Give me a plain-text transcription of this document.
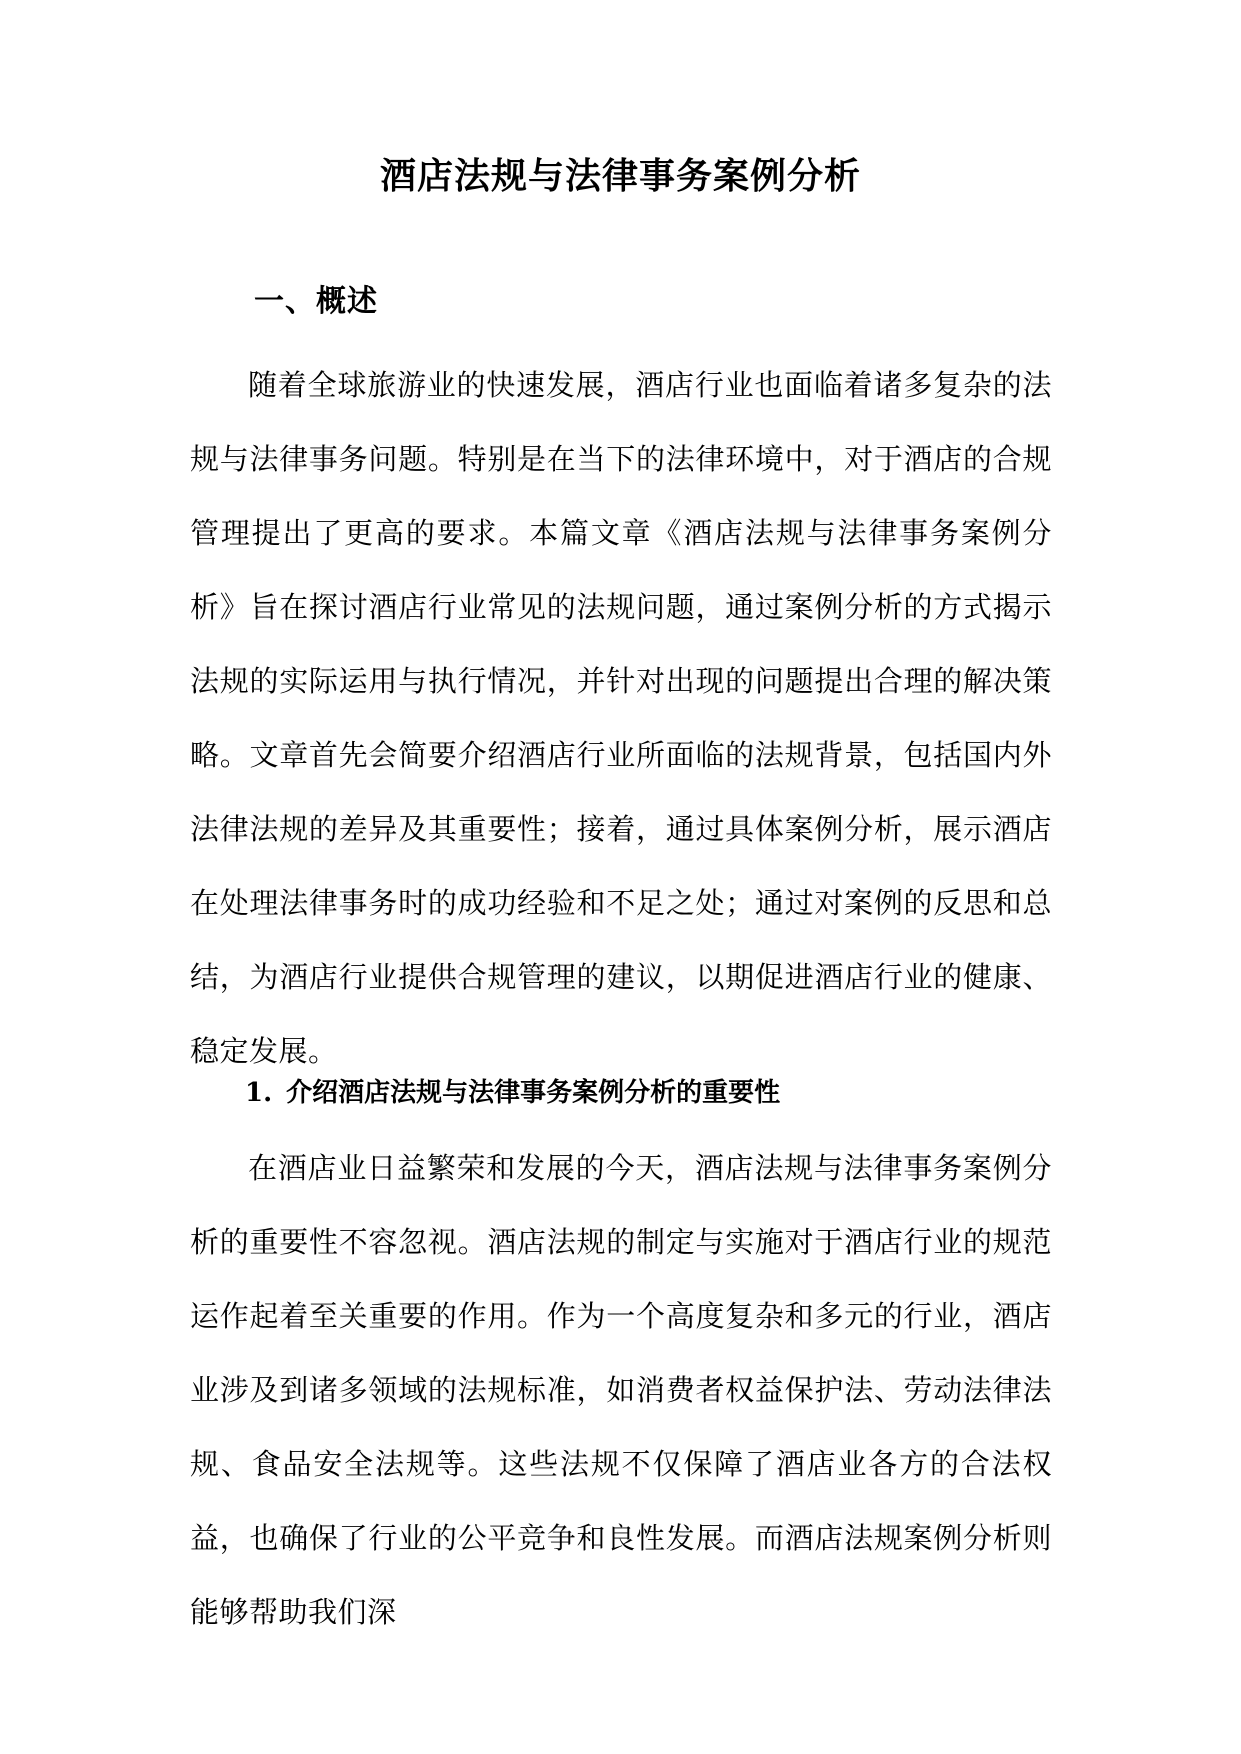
酒店法规与法律事务案例分析
一、概述

随着全球旅游业的快速发展，酒店行业也面临着诸多复杂的法规与法律事务问题。特别是在当下的法律环境中，对于酒店的合规管理提出了更高的要求。本篇文章《酒店法规与法律事务案例分析》旨在探讨酒店行业常见的法规问题，通过案例分析的方式揭示法规的实际运用与执行情况，并针对出现的问题提出合理的解决策略。文章首先会简要介绍酒店行业所面临的法规背景，包括国内外法律法规的差异及其重要性；接着，通过具体案例分析，展示酒店在处理法律事务时的成功经验和不足之处；通过对案例的反思和总结，为酒店行业提供合规管理的建议，以期促进酒店行业的健康、稳定发展。

1. 介绍酒店法规与法律事务案例分析的重要性

在酒店业日益繁荣和发展的今天，酒店法规与法律事务案例分析的重要性不容忽视。酒店法规的制定与实施对于酒店行业的规范运作起着至关重要的作用。作为一个高度复杂和多元的行业，酒店业涉及到诸多领域的法规标准，如消费者权益保护法、劳动法律法规、食品安全法规等。这些法规不仅保障了酒店业各方的合法权益，也确保了行业的公平竞争和良性发展。而酒店法规案例分析则能够帮助我们深
